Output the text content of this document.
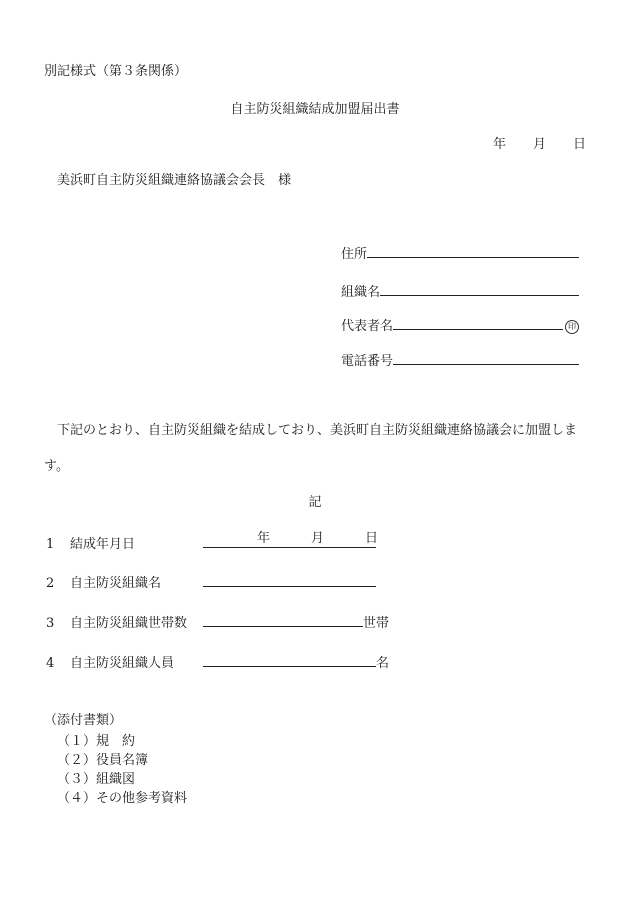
別記様式（第３条関係）
自主防災組織結成加盟届出書
年 月 日
美浜町自主防災組織連絡協議会会長　様
住所
組織名
代表者名	印
電話番号
下記のとおり、自主防災組織を結成しており、美浜町自主防災組織連絡協議会に加盟しま
す。
記
1 結成年月日	年	月	日
2 自主防災組織名
3 自主防災組織世帯数	世帯
4 自主防災組織人員	名
（添付書類）
（１）規　約
（２）役員名簿
（３）組織図
（４）その他参考資料
